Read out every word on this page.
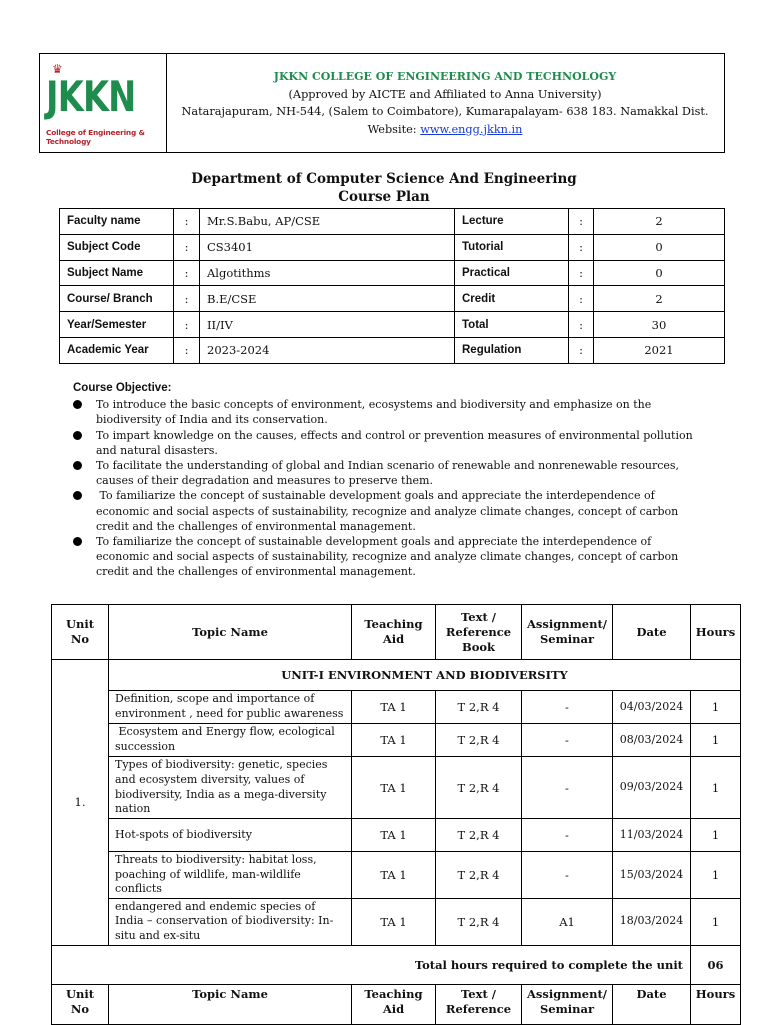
♛
JKKN
College of Engineering & Technology
JKKN COLLEGE OF ENGINEERING AND TECHNOLOGY
(Approved by AICTE and Affiliated to Anna University)
Natarajapuram, NH-544, (Salem to Coimbatore), Kumarapalayam- 638 183. Namakkal Dist.
Website: www.engg.jkkn.in
Department of Computer Science And Engineering
Course Plan
Faculty name	:	Mr.S.Babu, AP/CSE	Lecture	:	2
Subject Code	:	CS3401	Tutorial	:	0
Subject Name	:	Algotithms	Practical	:	0
Course/ Branch	:	B.E/CSE	Credit	:	2
Year/Semester	:	II/IV	Total	:	30
Academic Year	:	2023-2024	Regulation	:	2021
Course Objective:
To introduce the basic concepts of environment, ecosystems and biodiversity and emphasize on the biodiversity of India and its conservation.
To impart knowledge on the causes, effects and control or prevention measures of environmental pollution and natural disasters.
To facilitate the understanding of global and Indian scenario of renewable and nonrenewable resources, causes of their degradation and measures to preserve them.
To familiarize the concept of sustainable development goals and appreciate the interdependence of economic and social aspects of sustainability, recognize and analyze climate changes, concept of carbon credit and the challenges of environmental management.
To familiarize the concept of sustainable development goals and appreciate the interdependence of economic and social aspects of sustainability, recognize and analyze climate changes, concept of carbon credit and the challenges of environmental management.
Unit No	Topic Name	Teaching Aid	Text / Reference Book	Assignment/ Seminar	Date	Hours
1.	UNIT-I ENVIRONMENT AND BIODIVERSITY					
	Definition, scope and importance of environment , need for public awareness	TA 1	T 2,R 4	-	04/03/2024	1
	Ecosystem and Energy flow, ecological succession	TA 1	T 2,R 4	-	08/03/2024	1
	Types of biodiversity: genetic, species and ecosystem diversity, values of biodiversity, India as a mega-diversity nation	TA 1	T 2,R 4	-	09/03/2024	1
	Hot-spots of biodiversity	TA 1	T 2,R 4	-	11/03/2024	1
	Threats to biodiversity: habitat loss, poaching of wildlife, man-wildlife conflicts	TA 1	T 2,R 4	-	15/03/2024	1
	endangered and endemic species of India – conservation of biodiversity: In-situ and ex-situ	TA 1	T 2,R 4	A1	18/03/2024	1
Total hours required to complete the unit						06
Unit No	Topic Name	Teaching Aid	Text / Reference	Assignment/ Seminar	Date	Hours
